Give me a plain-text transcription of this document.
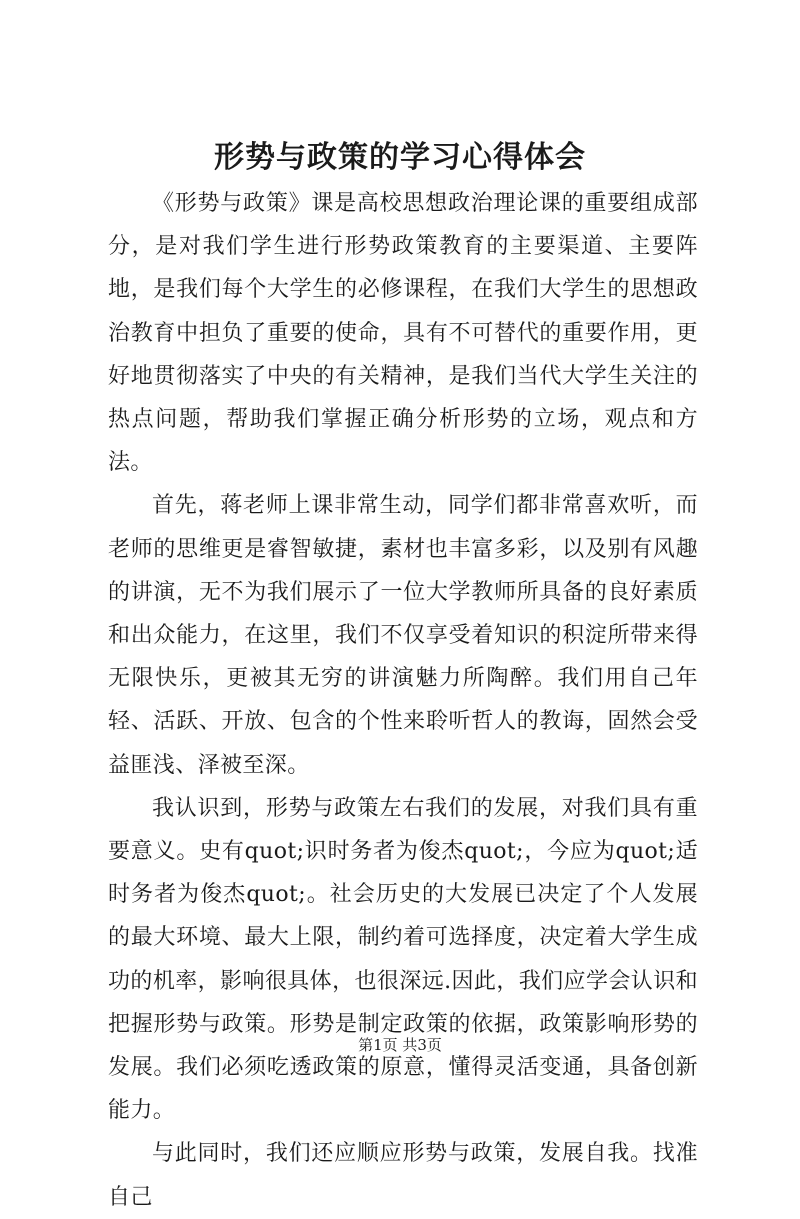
形势与政策的学习心得体会

《形势与政策》课是高校思想政治理论课的重要组成部分，是对我们学生进行形势政策教育的主要渠道、主要阵地，是我们每个大学生的必修课程，在我们大学生的思想政治教育中担负了重要的使命，具有不可替代的重要作用，更好地贯彻落实了中央的有关精神，是我们当代大学生关注的热点问题，帮助我们掌握正确分析形势的立场，观点和方法。

首先，蒋老师上课非常生动，同学们都非常喜欢听，而老师的思维更是睿智敏捷，素材也丰富多彩，以及别有风趣的讲演，无不为我们展示了一位大学教师所具备的良好素质和出众能力，在这里，我们不仅享受着知识的积淀所带来得无限快乐，更被其无穷的讲演魅力所陶醉。我们用自己年轻、活跃、开放、包含的个性来聆听哲人的教诲，固然会受益匪浅、泽被至深。

我认识到，形势与政策左右我们的发展，对我们具有重要意义。史有quot;识时务者为俊杰quot;，今应为quot;适时务者为俊杰quot;。社会历史的大发展已决定了个人发展的最大环境、最大上限，制约着可选择度，决定着大学生成功的机率，影响很具体，也很深远.因此，我们应学会认识和把握形势与政策。形势是制定政策的依据，政策影响形势的发展。我们必须吃透政策的原意，懂得灵活变通，具备创新能力。

与此同时，我们还应顺应形势与政策，发展自我。找准自己

第1页 共3页
